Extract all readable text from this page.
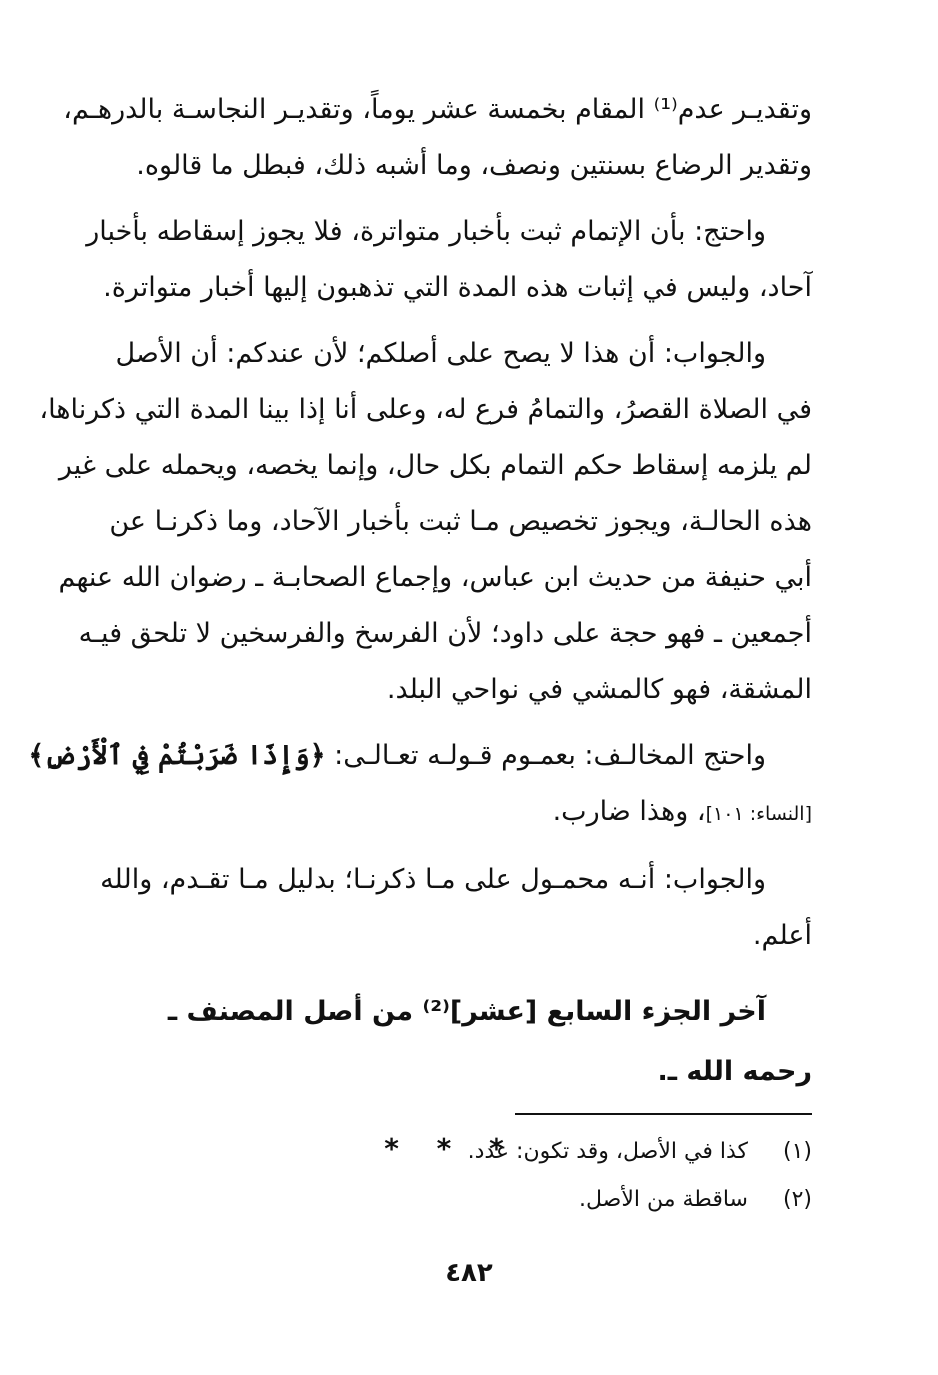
وتقديـر عدم⁽¹⁾ المقام بخمسة عشر يوماً، وتقديـر النجاسـة بالدرهـم،
وتقدير الرضاع بسنتين ونصف، وما أشبه ذلك، فبطل ما قالوه.

واحتج: بأن الإتمام ثبت بأخبار متواترة، فلا يجوز إسقاطه بأخبار
آحاد، وليس في إثبات هذه المدة التي تذهبون إليها أخبار متواترة.

والجواب: أن هذا لا يصح على أصلكم؛ لأن عندكم: أن الأصل
في الصلاة القصرُ، والتمامُ فرع له، وعلى أنا إذا بينا المدة التي ذكرناها،
لم يلزمه إسقاط حكم التمام بكل حال، وإنما يخصه، ويحمله على غير
هذه الحالـة، ويجوز تخصيص مـا ثبت بأخبار الآحاد، وما ذكرنـا عن
أبي حنيفة من حديث ابن عباس، وإجماع الصحابـة ـ رضوان الله عنهم
أجمعين ـ فهو حجة على داود؛ لأن الفرسخ والفرسخين لا تلحق فيـه
المشقة، فهو كالمشي في نواحي البلد.

واحتج المخالـف: بعمـوم قـولـه تعـالـى: ﴿وَإِذَا ضَرَبْتُمْ فِي ٱلْأَرْضِ﴾
[النساء: ١٠١]، وهذا ضارب.

والجواب: أنـه محمـول على مـا ذكرنـا؛ بدليل مـا تقـدم، والله
أعلم.

آخر الجزء السابع [عشر]⁽²⁾ من أصل المصنف ـ رحمه الله ـ.
* * *	(١)
كذا في الأصل، وقد تكون: عدد.
(٢)
ساقطة من الأصل.
٤٨٢
